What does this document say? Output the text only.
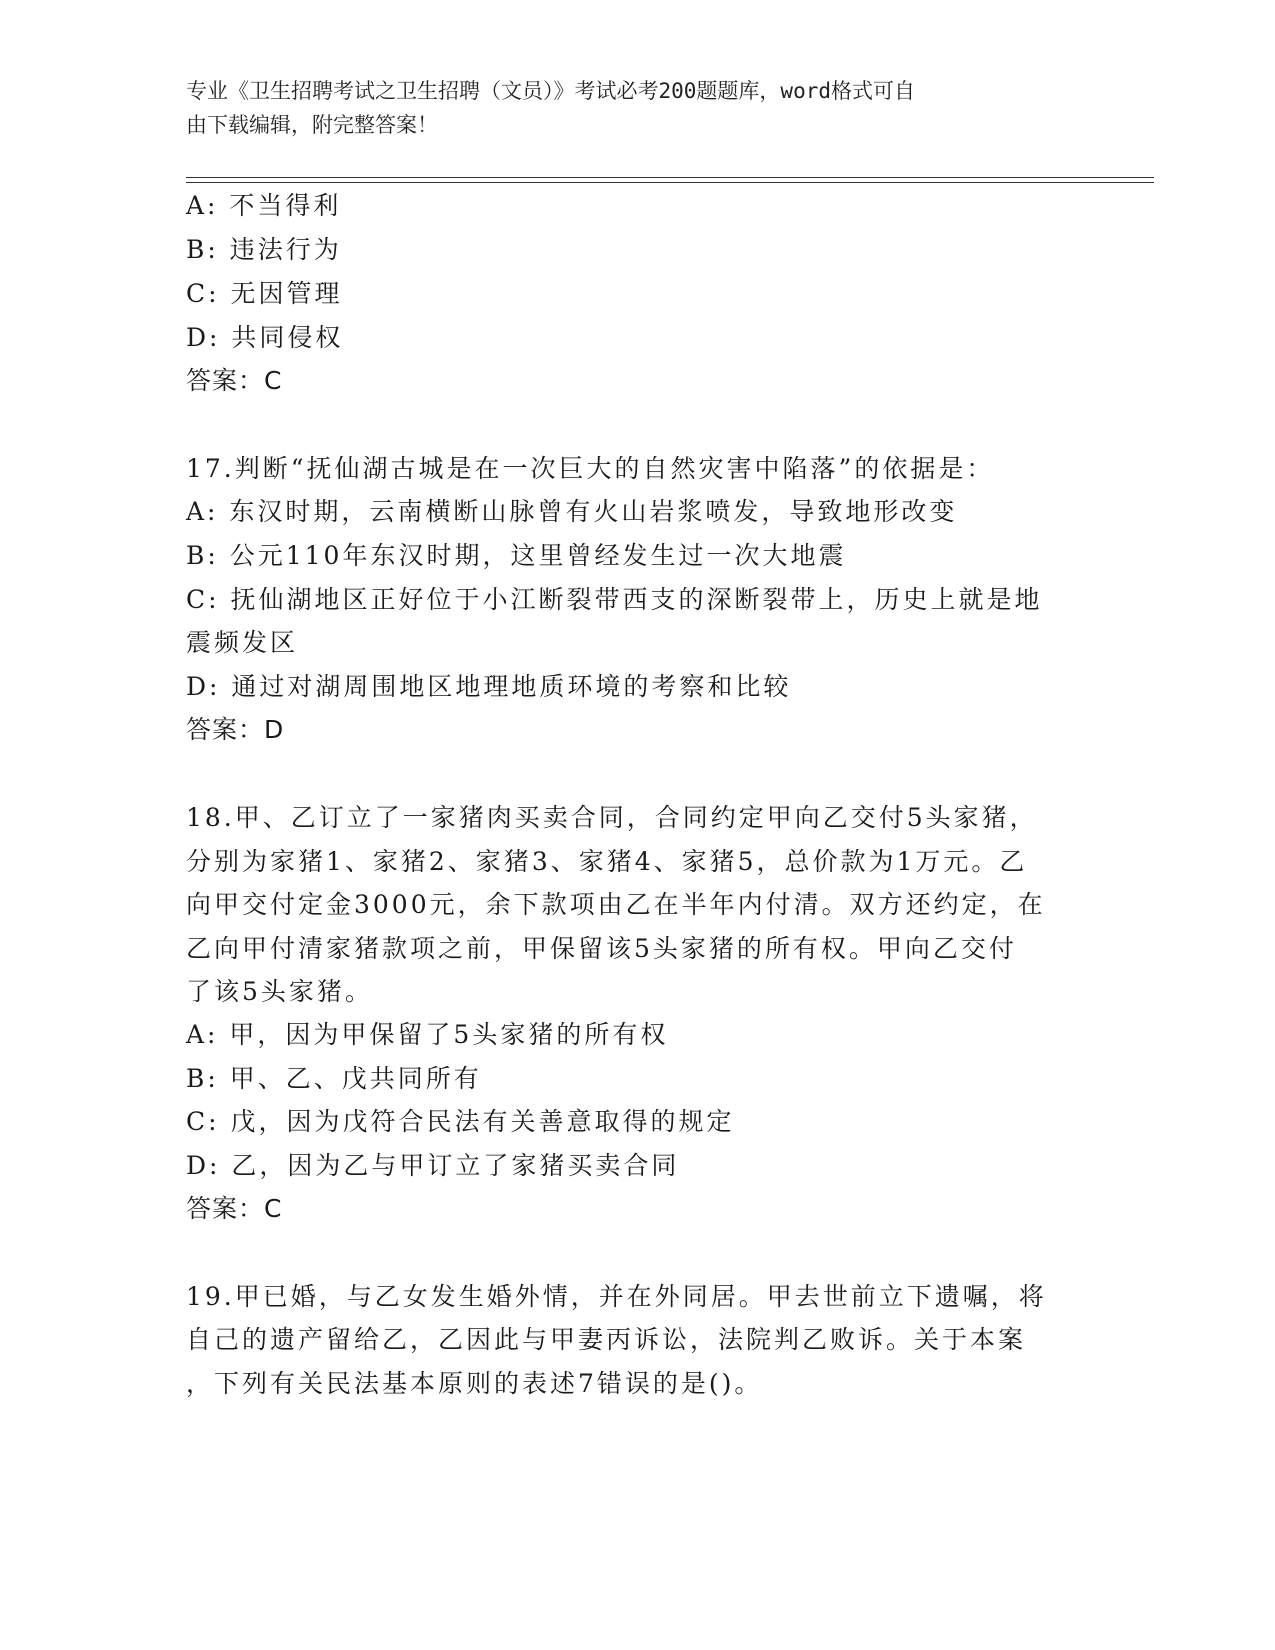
专业《卫生招聘考试之卫生招聘（文员）》考试必考200题题库，word格式可自
由下载编辑，附完整答案！
A: 不当得利
B: 违法行为
C: 无因管理
D: 共同侵权
答案：C
17.判断“抚仙湖古城是在一次巨大的自然灾害中陷落”的依据是：
A: 东汉时期，云南横断山脉曾有火山岩浆喷发，导致地形改变
B: 公元110年东汉时期，这里曾经发生过一次大地震
C: 抚仙湖地区正好位于小江断裂带西支的深断裂带上，历史上就是地
震频发区
D: 通过对湖周围地区地理地质环境的考察和比较
答案：D
18.甲、乙订立了一家猪肉买卖合同，合同约定甲向乙交付5头家猪，
分别为家猪1、家猪2、家猪3、家猪4、家猪5，总价款为1万元。乙
向甲交付定金3000元，余下款项由乙在半年内付清。双方还约定，在
乙向甲付清家猪款项之前，甲保留该5头家猪的所有权。甲向乙交付
了该5头家猪。
A: 甲，因为甲保留了5头家猪的所有权
B: 甲、乙、戊共同所有
C: 戊，因为戊符合民法有关善意取得的规定
D: 乙，因为乙与甲订立了家猪买卖合同
答案：C
19.甲已婚，与乙女发生婚外情，并在外同居。甲去世前立下遗嘱，将
自己的遗产留给乙，乙因此与甲妻丙诉讼，法院判乙败诉。关于本案
，下列有关民法基本原则的表述7错误的是()。
